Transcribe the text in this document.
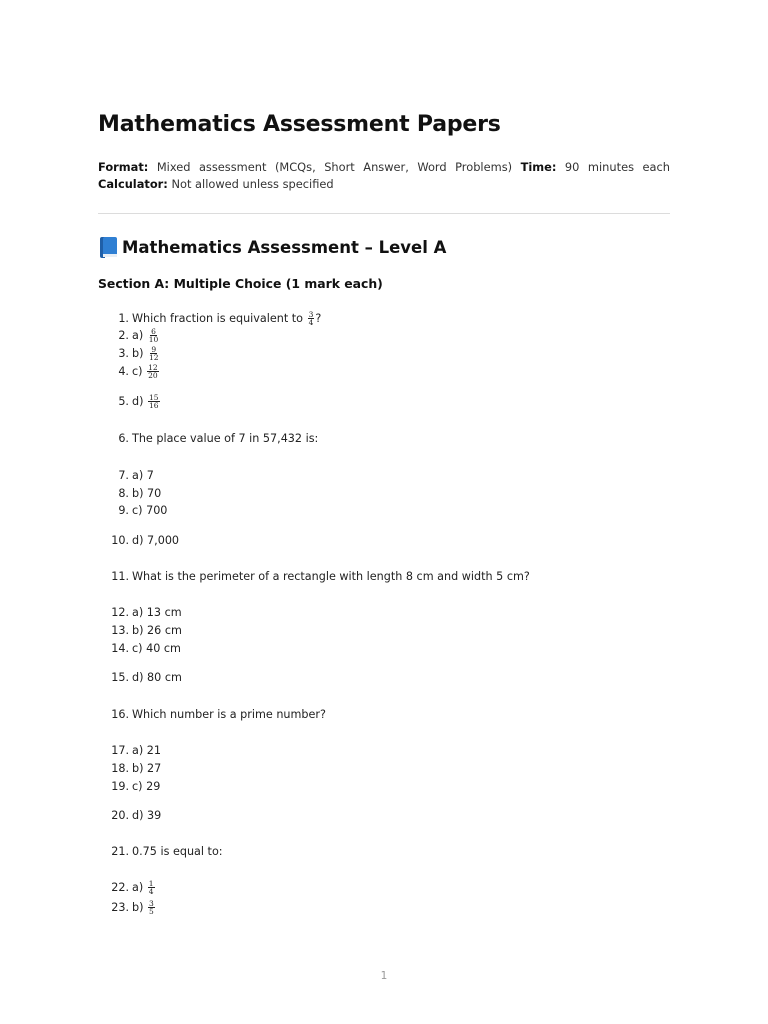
Mathematics Assessment Papers
Format: Mixed assessment (MCQs, Short Answer, Word Problems) Time: 90 minutes each Calculator: Not allowed unless specified
Mathematics Assessment – Level A
Section A: Multiple Choice (1 mark each)
1. Which fraction is equivalent to $\frac{3}{4}$ ?
2. $a) \frac{6}{10}$
3. $b) \frac{9}{12}$
4. $c) \frac{12}{20}$
5. $d) \frac{15}{16}$
6. The place value of 7 in 57,432 is:
7. a) 7
8. b) 70
9. c) 700
10. d) 7,000
11. What is the perimeter of a rectangle with length 8 cm and width 5 cm?
12. a) 13 cm
13. b) 26 cm
14. c) 40 cm
15. d) 80 cm
16. Which number is a prime number?
17. a) 21
18. b) 27
19. c) 29
20. d) 39
21. 0.75 is equal to:
22. $a) \frac{1}{4}$
23. $b) \frac{3}{5}$
1
